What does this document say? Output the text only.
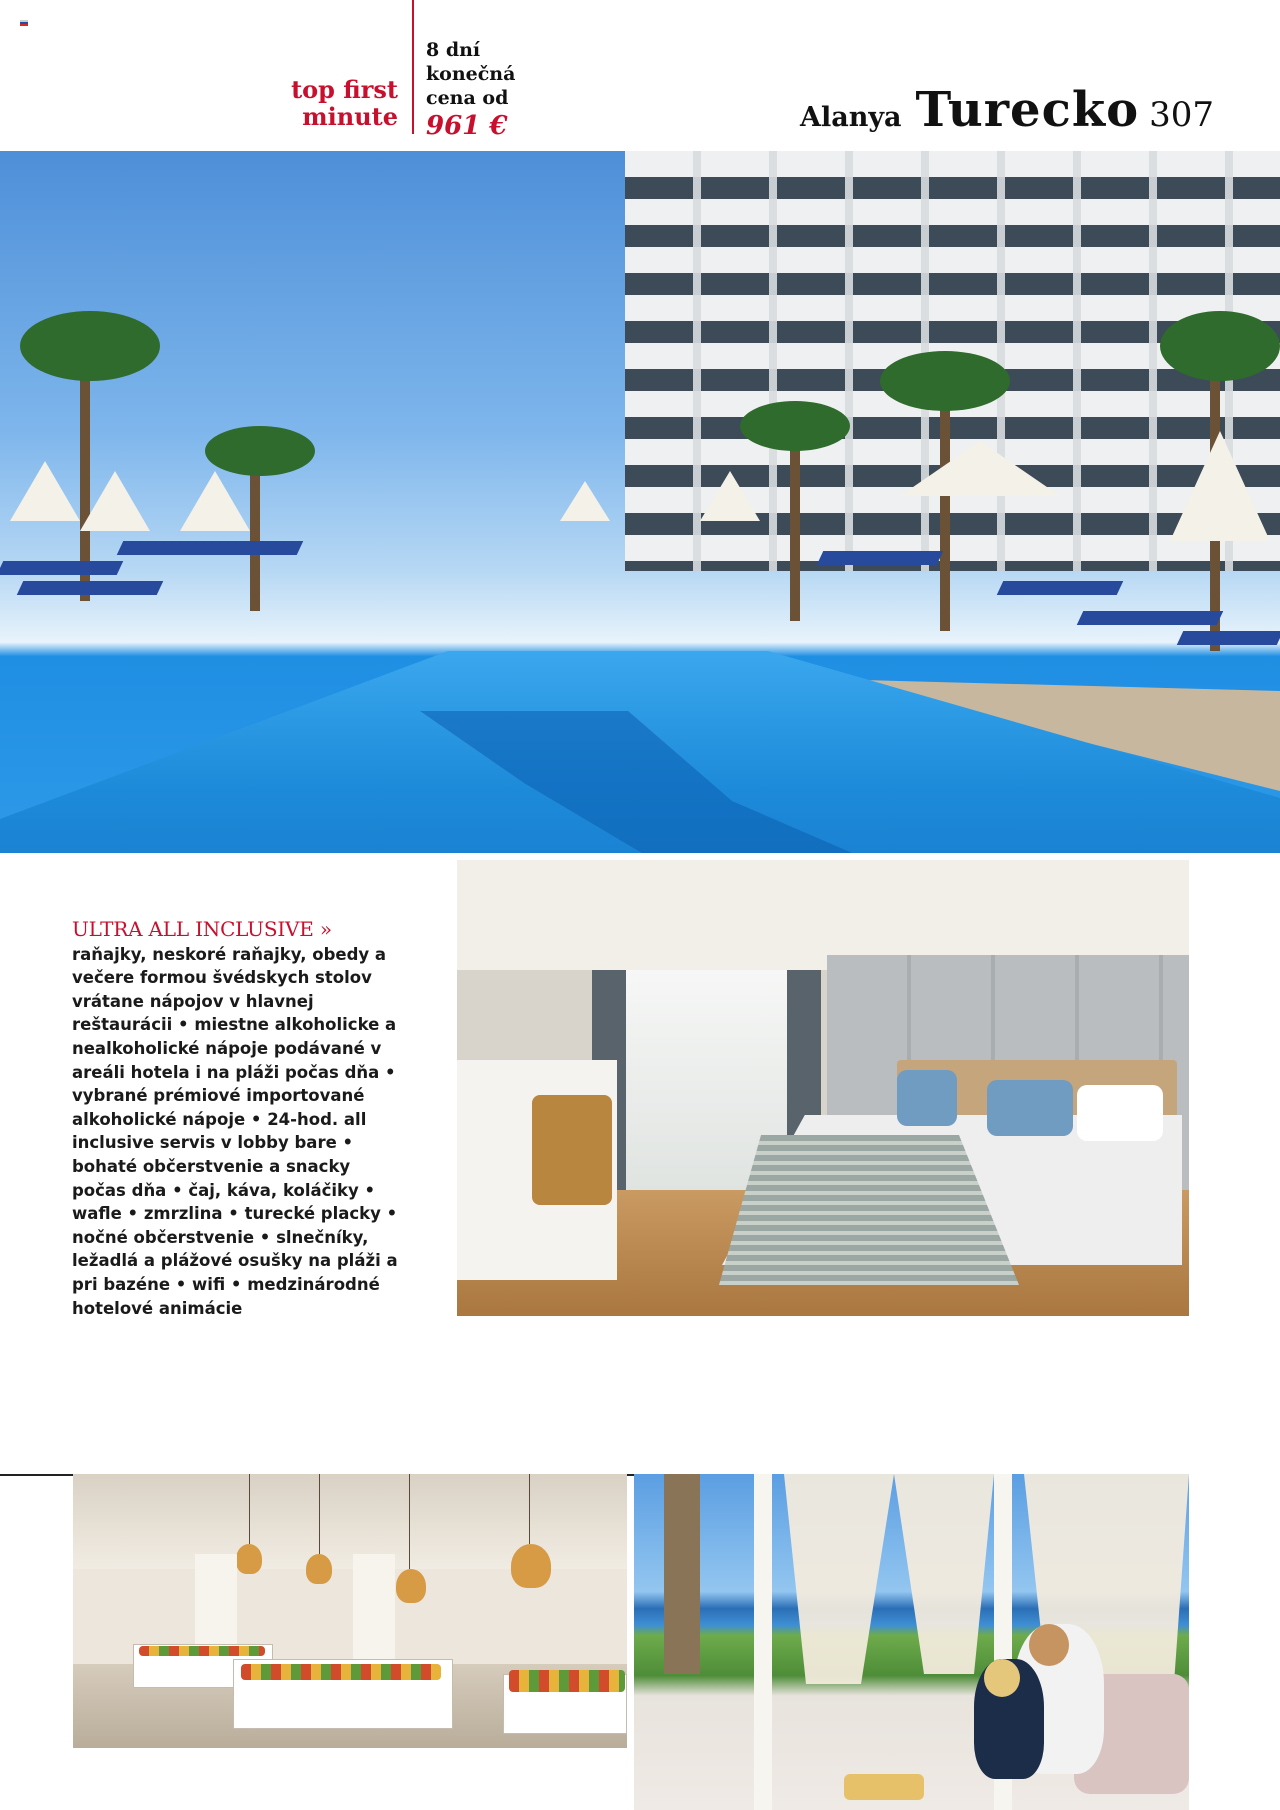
top first
minute
8 dní
konečná
cena od
961 €	Alanya Turecko 307
ULTRA ALL INCLUSIVE » raňajky, neskoré raňajky, obedy a večere formou švédskych stolov vrátane nápojov v hlavnej reštaurácii • miestne alkoholicke a nealkoholické nápoje podávané v areáli hotela i na pláži počas dňa • vybrané prémiové importované alkoholické nápoje • 24-hod. all inclusive servis v lobby bare • bohaté občerstvenie a snacky počas dňa • čaj, káva, koláčiky • wafle • zmrzlina • turecké placky • nočné občerstvenie • slnečníky, ležadlá a plážové osušky na pláži a pri bazéne • wifi • medzinárodné hotelové animácie
